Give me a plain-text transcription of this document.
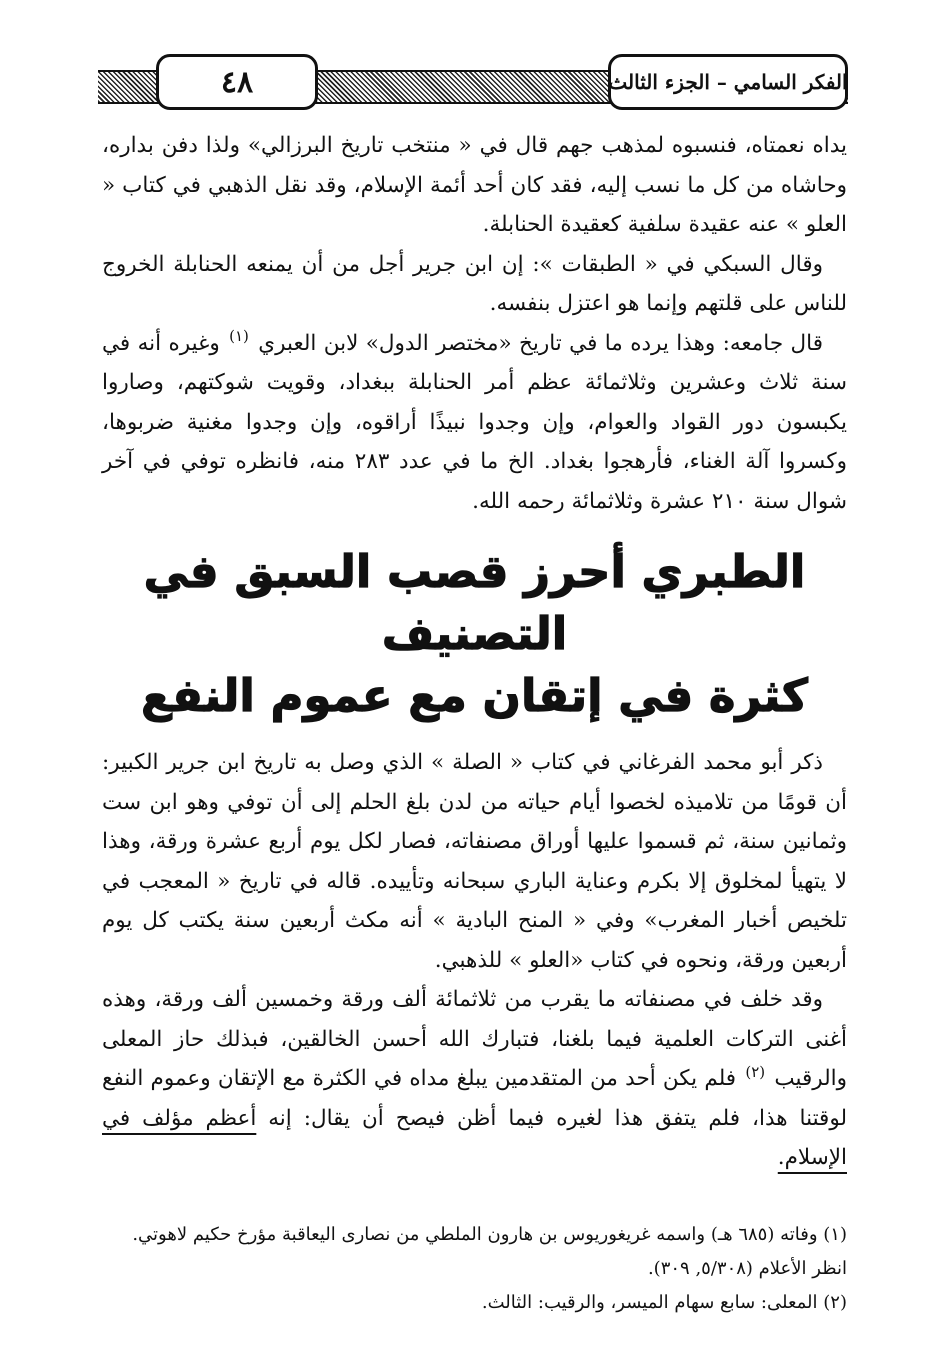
٤٨	الفكر السامي – الجزء الثالث

يداه نعمتاه، فنسبوه لمذهب جهم قال في « منتخب تاريخ البرزالي» ولذا دفن بداره، وحاشاه من كل ما نسب إليه، فقد كان أحد أئمة الإسلام، وقد نقل الذهبي في كتاب « العلو » عنه عقيدة سلفية كعقيدة الحنابلة.

وقال السبكي في « الطبقات »: إن ابن جرير أجل من أن يمنعه الحنابلة الخروج للناس على قلتهم وإنما هو اعتزل بنفسه.

قال جامعه: وهذا يرده ما في تاريخ «مختصر الدول» لابن العبري $^{(١)}$ وغيره أنه في سنة ثلاث وعشرين وثلاثمائة عظم أمر الحنابلة ببغداد، وقويت شوكتهم، وصاروا يكبسون دور القواد والعوام، وإن وجدوا نبيذًا أراقوه، وإن وجدوا مغنية ضربوها، وكسروا آلة الغناء، فأرهجوا بغداد. الخ ما في عدد ٢٨٣ منه، فانظره توفي في آخر شوال سنة ٢١٠ عشرة وثلاثمائة رحمه الله.

الطبري أحرز قصب السبق في التصنيف
كثرة في إتقان مع عموم النفع

ذكر أبو محمد الفرغاني في كتاب « الصلة » الذي وصل به تاريخ ابن جرير الكبير: أن قومًا من تلاميذه لخصوا أيام حياته من لدن بلغ الحلم إلى أن توفي وهو ابن ست وثمانين سنة، ثم قسموا عليها أوراق مصنفاته، فصار لكل يوم أربع عشرة ورقة، وهذا لا يتهيأ لمخلوق إلا بكرم وعناية الباري سبحانه وتأييده. قاله في تاريخ « المعجب في تلخيص أخبار المغرب» وفي « المنح البادية » أنه مكث أربعين سنة يكتب كل يوم أربعين ورقة، ونحوه في كتاب «العلو » للذهبي.

وقد خلف في مصنفاته ما يقرب من ثلاثمائة ألف ورقة وخمسين ألف ورقة، وهذه أغنى التركات العلمية فيما بلغنا، فتبارك الله أحسن الخالقين، فبذلك حاز المعلى والرقيب $^{(٢)}$ فلم يكن أحد من المتقدمين يبلغ مداه في الكثرة مع الإتقان وعموم النفع لوقتنا هذا، فلم يتفق هذا لغيره فيما أظن فيصح أن يقال: إنه أعظم مؤلف في الإسلام.

(١) وفاته (٦٨٥ هـ) واسمه غريغوريوس بن هارون الملطي من نصارى اليعاقبة مؤرخ حكيم لاهوتي. انظر الأعلام (٥/٣٠٨, ٣٠٩).

(٢) المعلى: سابع سهام الميسر، والرقيب: الثالث.
